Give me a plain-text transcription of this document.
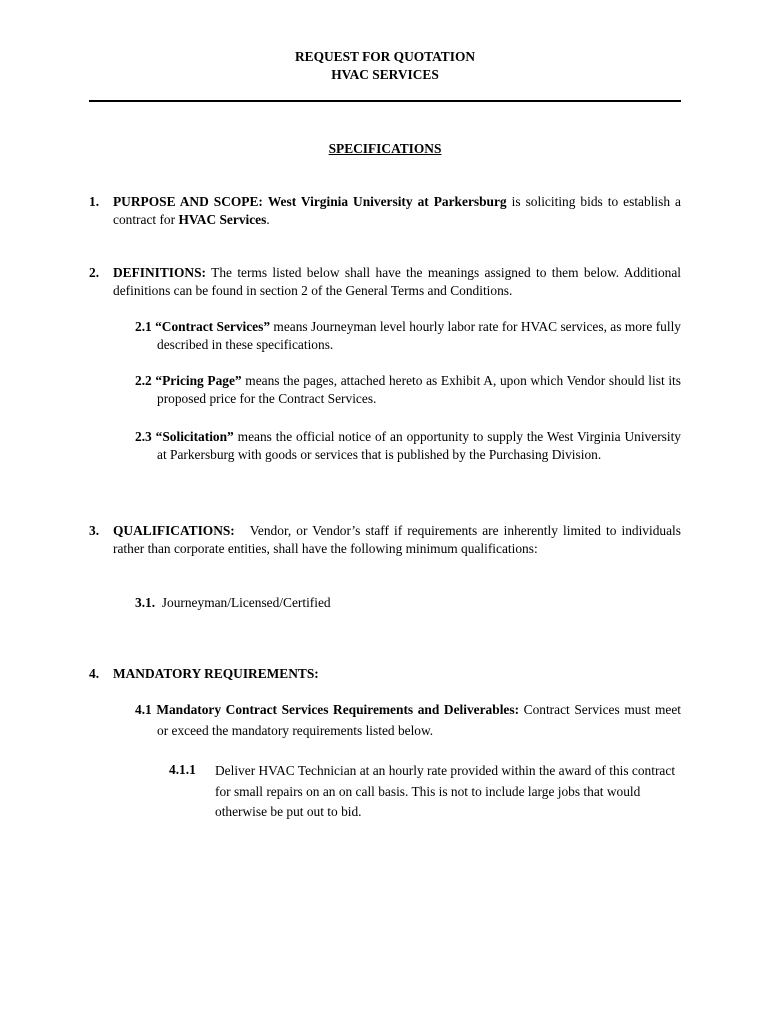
REQUEST FOR QUOTATION
HVAC SERVICES
SPECIFICATIONS
1. PURPOSE AND SCOPE: West Virginia University at Parkersburg is soliciting bids to establish a contract for HVAC Services.
2. DEFINITIONS: The terms listed below shall have the meanings assigned to them below. Additional definitions can be found in section 2 of the General Terms and Conditions.
2.1 “Contract Services” means Journeyman level hourly labor rate for HVAC services, as more fully described in these specifications.
2.2 “Pricing Page” means the pages, attached hereto as Exhibit A, upon which Vendor should list its proposed price for the Contract Services.
2.3 “Solicitation” means the official notice of an opportunity to supply the West Virginia University at Parkersburg with goods or services that is published by the Purchasing Division.
3. QUALIFICATIONS: Vendor, or Vendor’s staff if requirements are inherently limited to individuals rather than corporate entities, shall have the following minimum qualifications:
3.1. Journeyman/Licensed/Certified
4. MANDATORY REQUIREMENTS:
4.1 Mandatory Contract Services Requirements and Deliverables: Contract Services must meet or exceed the mandatory requirements listed below.
4.1.1 Deliver HVAC Technician at an hourly rate provided within the award of this contract for small repairs on an on call basis. This is not to include large jobs that would otherwise be put out to bid.
